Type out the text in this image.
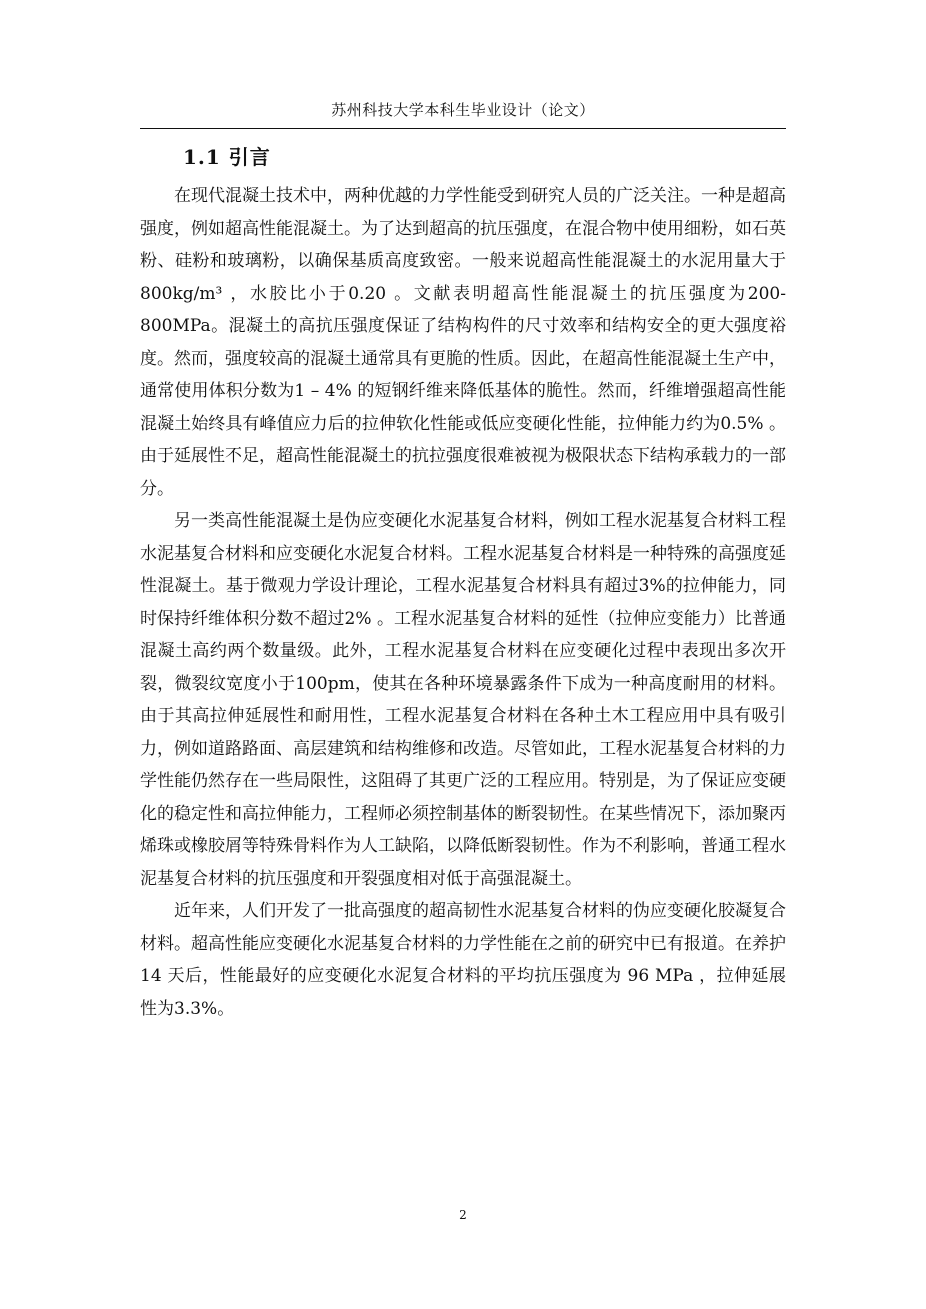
苏州科技大学本科生毕业设计（论文）
1.1 引言

在现代混凝土技术中，两种优越的力学性能受到研究人员的广泛关注。一种是超高强度，例如超高性能混凝土。为了达到超高的抗压强度，在混合物中使用细粉，如石英粉、硅粉和玻璃粉，以确保基质高度致密。一般来说超高性能混凝土的水泥用量大于800kg/m³ ，水胶比小于0.20 。文献表明超高性能混凝土的抗压强度为200-800MPa。混凝土的高抗压强度保证了结构构件的尺寸效率和结构安全的更大强度裕度。然而，强度较高的混凝土通常具有更脆的性质。因此，在超高性能混凝土生产中，通常使用体积分数为1 – 4% 的短钢纤维来降低基体的脆性。然而，纤维增强超高性能混凝土始终具有峰值应力后的拉伸软化性能或低应变硬化性能，拉伸能力约为0.5% 。由于延展性不足，超高性能混凝土的抗拉强度很难被视为极限状态下结构承载力的一部分。

另一类高性能混凝土是伪应变硬化水泥基复合材料，例如工程水泥基复合材料工程水泥基复合材料和应变硬化水泥复合材料。工程水泥基复合材料是一种特殊的高强度延性混凝土。基于微观力学设计理论，工程水泥基复合材料具有超过3%的拉伸能力，同时保持纤维体积分数不超过2% 。工程水泥基复合材料的延性（拉伸应变能力）比普通混凝土高约两个数量级。此外，工程水泥基复合材料在应变硬化过程中表现出多次开裂，微裂纹宽度小于100pm，使其在各种环境暴露条件下成为一种高度耐用的材料。由于其高拉伸延展性和耐用性，工程水泥基复合材料在各种土木工程应用中具有吸引力，例如道路路面、高层建筑和结构维修和改造。尽管如此，工程水泥基复合材料的力学性能仍然存在一些局限性，这阻碍了其更广泛的工程应用。特别是，为了保证应变硬化的稳定性和高拉伸能力，工程师必须控制基体的断裂韧性。在某些情况下，添加聚丙烯珠或橡胶屑等特殊骨料作为人工缺陷，以降低断裂韧性。作为不利影响，普通工程水泥基复合材料的抗压强度和开裂强度相对低于高强混凝土。

近年来，人们开发了一批高强度的超高韧性水泥基复合材料的伪应变硬化胶凝复合材料。超高性能应变硬化水泥基复合材料的力学性能在之前的研究中已有报道。在养护 14 天后，性能最好的应变硬化水泥复合材料的平均抗压强度为 96 MPa ，拉伸延展性为3.3%。

2
